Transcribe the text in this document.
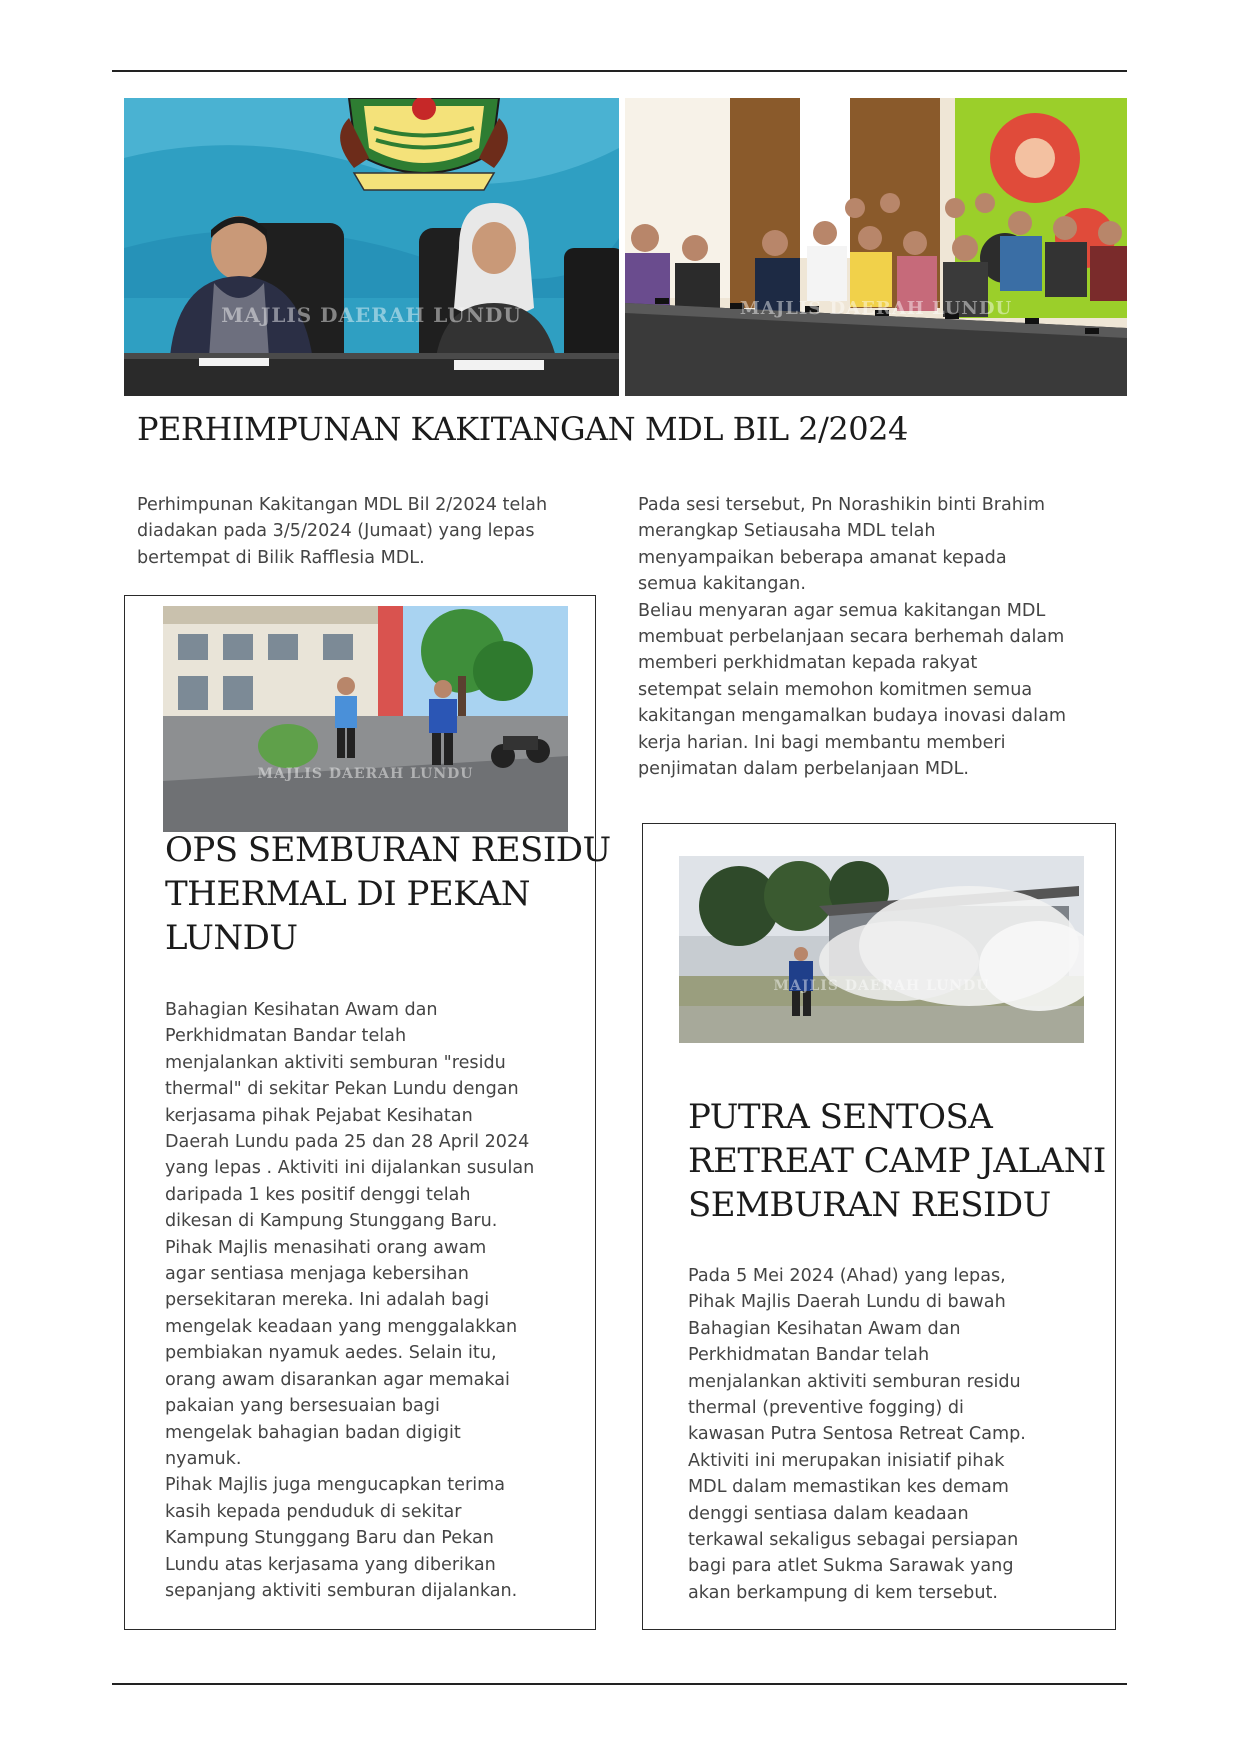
MAJLIS DAERAH LUNDU	MAJLIS DAERAH LUNDU
PERHIMPUNAN KAKITANGAN MDL BIL 2/2024

Perhimpunan Kakitangan MDL Bil 2/2024 telah
diadakan pada 3/5/2024 (Jumaat) yang lepas
bertempat di Bilik Rafflesia MDL.

Pada sesi tersebut, Pn Norashikin binti Brahim
merangkap Setiausaha MDL telah
menyampaikan beberapa amanat kepada
semua kakitangan.
Beliau menyaran agar semua kakitangan MDL
membuat perbelanjaan secara berhemah dalam
memberi perkhidmatan kepada rakyat
setempat selain memohon komitmen semua
kakitangan mengamalkan budaya inovasi dalam
kerja harian. Ini bagi membantu memberi
penjimatan dalam perbelanjaan MDL.

MAJLIS DAERAH LUNDU
OPS SEMBURAN RESIDU
THERMAL DI PEKAN
LUNDU

Bahagian Kesihatan Awam dan
Perkhidmatan Bandar telah
menjalankan aktiviti semburan "residu
thermal" di sekitar Pekan Lundu dengan
kerjasama pihak Pejabat Kesihatan
Daerah Lundu pada 25 dan 28 April 2024
yang lepas . Aktiviti ini dijalankan susulan
daripada 1 kes positif denggi telah
dikesan di Kampung Stunggang Baru.
Pihak Majlis menasihati orang awam
agar sentiasa menjaga kebersihan
persekitaran mereka. Ini adalah bagi
mengelak keadaan yang menggalakkan
pembiakan nyamuk aedes. Selain itu,
orang awam disarankan agar memakai
pakaian yang bersesuaian bagi
mengelak bahagian badan digigit
nyamuk.
Pihak Majlis juga mengucapkan terima
kasih kepada penduduk di sekitar
Kampung Stunggang Baru dan Pekan
Lundu atas kerjasama yang diberikan
sepanjang aktiviti semburan dijalankan.

MAJLIS DAERAH LUNDU
PUTRA SENTOSA
RETREAT CAMP JALANI
SEMBURAN RESIDU

Pada 5 Mei 2024 (Ahad) yang lepas,
Pihak Majlis Daerah Lundu di bawah
Bahagian Kesihatan Awam dan
Perkhidmatan Bandar telah
menjalankan aktiviti semburan residu
thermal (preventive fogging) di
kawasan Putra Sentosa Retreat Camp.
Aktiviti ini merupakan inisiatif pihak
MDL dalam memastikan kes demam
denggi sentiasa dalam keadaan
terkawal sekaligus sebagai persiapan
bagi para atlet Sukma Sarawak yang
akan berkampung di kem tersebut.
